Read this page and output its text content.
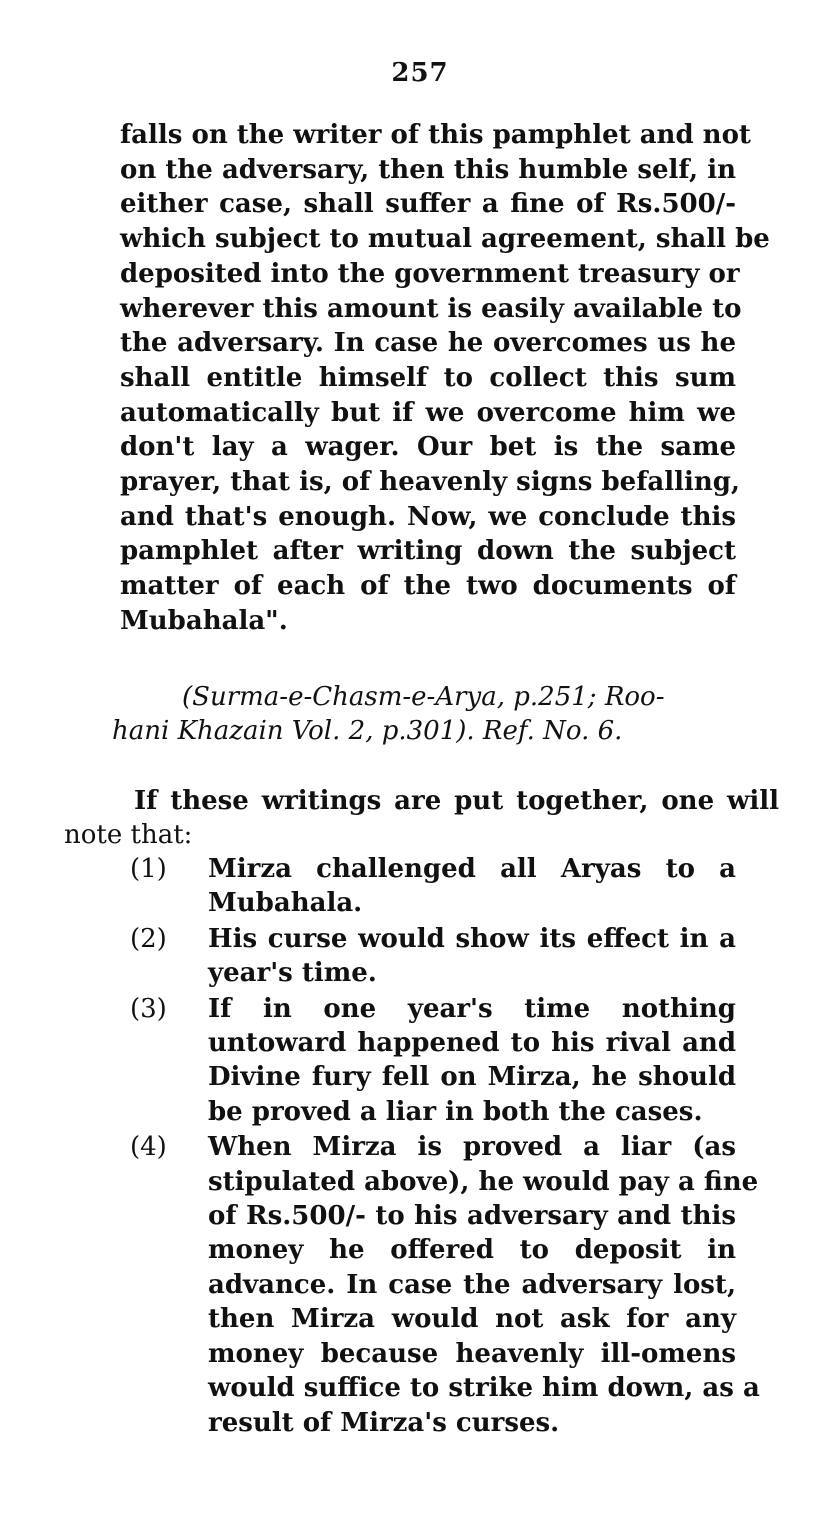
257
falls on the writer of this pamphlet and not
on the adversary, then this humble self, in
either case, shall suffer a fine of Rs.500/-
which subject to mutual agreement, shall be
deposited into the government treasury or
wherever this amount is easily available to
the adversary. In case he overcomes us he
shall entitle himself to collect this sum
automatically but if we overcome him we
don't lay a wager. Our bet is the same
prayer, that is, of heavenly signs befalling,
and that's enough. Now, we conclude this
pamphlet after writing down the subject
matter of each of the two documents of
Mubahala".
(Surma-e-Chasm-e-Arya, p.251; Roo-
hani Khazain Vol. 2, p.301). Ref. No. 6.
If these writings are put together, one will
note that:
(1) Mirza challenged all Aryas to a
Mubahala.
(2) His curse would show its effect in a
year's time.
(3) If in one year's time nothing
untoward happened to his rival and
Divine fury fell on Mirza, he should
be proved a liar in both the cases.
(4) When Mirza is proved a liar (as
stipulated above), he would pay a fine
of Rs.500/- to his adversary and this
money he offered to deposit in
advance. In case the adversary lost,
then Mirza would not ask for any
money because heavenly ill-omens
would suffice to strike him down, as a
result of Mirza's curses.
